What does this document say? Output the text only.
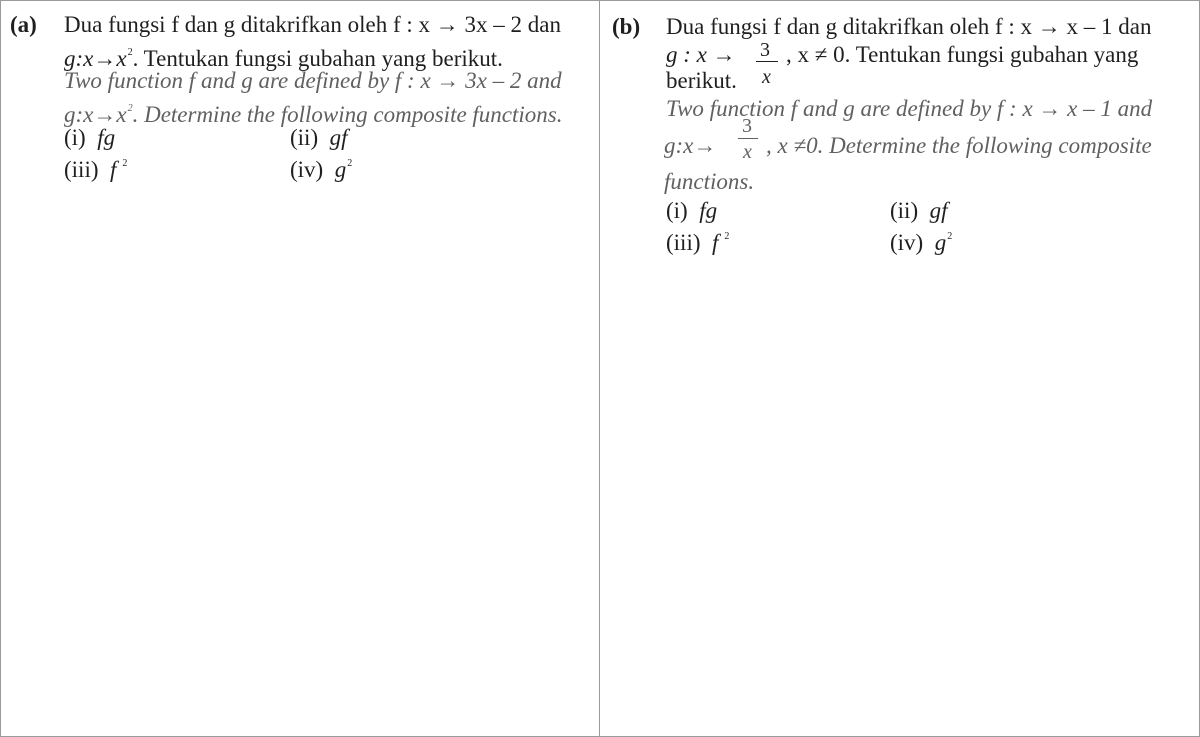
(a) Dua fungsi f dan g ditakrifkan oleh f : x → 3x – 2 dan
$g:x\to x^2$. Tentukan fungsi gubahan yang berikut.
Two function f and g are defined by f : x → 3x – 2 and
$g:x\to x^2$. Determine the following composite functions.
(i) fg	(ii) gf
(iii) f $^2$	(iv) $g^2$
(b) Dua fungsi f dan g ditakrifkan oleh f : x → x – 1 dan
g : x → 3
x
, x ≠ 0. Tentukan fungsi gubahan yang
berikut.
Two function f and g are defined by f : x → x – 1 and
g:x→
3
x , x ≠0. Determine the following composite
functions.
(i) fg	(ii) gf
(iii) f $^2$	(iv) $g^2$
